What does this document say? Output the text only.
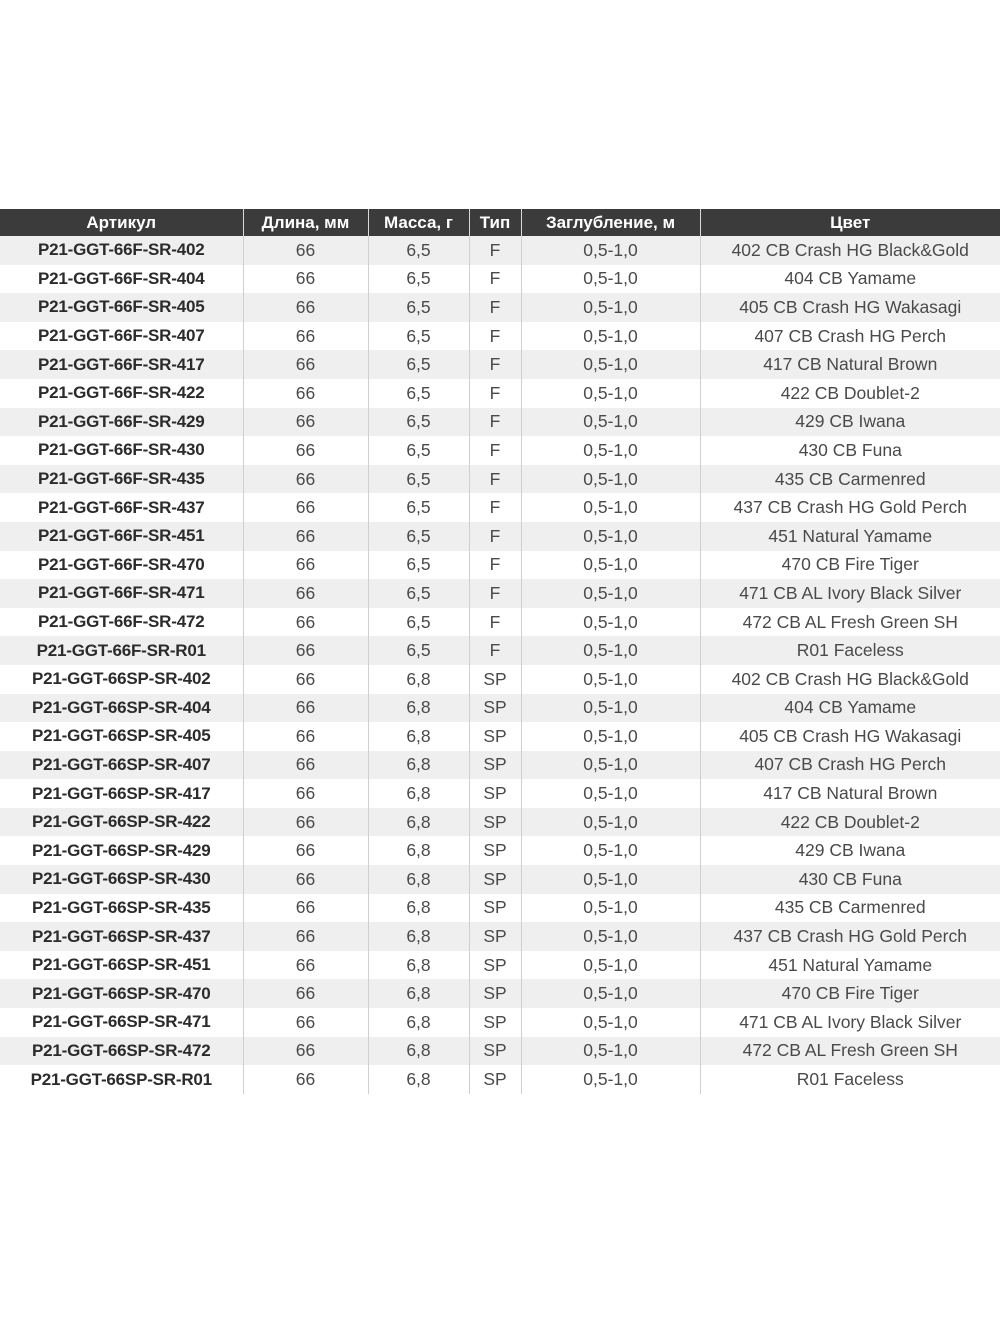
Артикул	Длина, мм	Масса, г	Тип	Заглубление, м	Цвет
P21-GGT-66F-SR-402	66	6,5	F	0,5-1,0	402 CB Crash HG Black&Gold
P21-GGT-66F-SR-404	66	6,5	F	0,5-1,0	404 CB Yamame
P21-GGT-66F-SR-405	66	6,5	F	0,5-1,0	405 CB Crash HG Wakasagi
P21-GGT-66F-SR-407	66	6,5	F	0,5-1,0	407 CB Crash HG Perch
P21-GGT-66F-SR-417	66	6,5	F	0,5-1,0	417 CB Natural Brown
P21-GGT-66F-SR-422	66	6,5	F	0,5-1,0	422 CB Doublet-2
P21-GGT-66F-SR-429	66	6,5	F	0,5-1,0	429 CB Iwana
P21-GGT-66F-SR-430	66	6,5	F	0,5-1,0	430 CB Funa
P21-GGT-66F-SR-435	66	6,5	F	0,5-1,0	435 CB Carmenred
P21-GGT-66F-SR-437	66	6,5	F	0,5-1,0	437 CB Crash HG Gold Perch
P21-GGT-66F-SR-451	66	6,5	F	0,5-1,0	451 Natural Yamame
P21-GGT-66F-SR-470	66	6,5	F	0,5-1,0	470 CB Fire Tiger
P21-GGT-66F-SR-471	66	6,5	F	0,5-1,0	471 CB AL Ivory Black Silver
P21-GGT-66F-SR-472	66	6,5	F	0,5-1,0	472 CB AL Fresh Green SH
P21-GGT-66F-SR-R01	66	6,5	F	0,5-1,0	R01 Faceless
P21-GGT-66SP-SR-402	66	6,8	SP	0,5-1,0	402 CB Crash HG Black&Gold
P21-GGT-66SP-SR-404	66	6,8	SP	0,5-1,0	404 CB Yamame
P21-GGT-66SP-SR-405	66	6,8	SP	0,5-1,0	405 CB Crash HG Wakasagi
P21-GGT-66SP-SR-407	66	6,8	SP	0,5-1,0	407 CB Crash HG Perch
P21-GGT-66SP-SR-417	66	6,8	SP	0,5-1,0	417 CB Natural Brown
P21-GGT-66SP-SR-422	66	6,8	SP	0,5-1,0	422 CB Doublet-2
P21-GGT-66SP-SR-429	66	6,8	SP	0,5-1,0	429 CB Iwana
P21-GGT-66SP-SR-430	66	6,8	SP	0,5-1,0	430 CB Funa
P21-GGT-66SP-SR-435	66	6,8	SP	0,5-1,0	435 CB Carmenred
P21-GGT-66SP-SR-437	66	6,8	SP	0,5-1,0	437 CB Crash HG Gold Perch
P21-GGT-66SP-SR-451	66	6,8	SP	0,5-1,0	451 Natural Yamame
P21-GGT-66SP-SR-470	66	6,8	SP	0,5-1,0	470 CB Fire Tiger
P21-GGT-66SP-SR-471	66	6,8	SP	0,5-1,0	471 CB AL Ivory Black Silver
P21-GGT-66SP-SR-472	66	6,8	SP	0,5-1,0	472 CB AL Fresh Green SH
P21-GGT-66SP-SR-R01	66	6,8	SP	0,5-1,0	R01 Faceless
